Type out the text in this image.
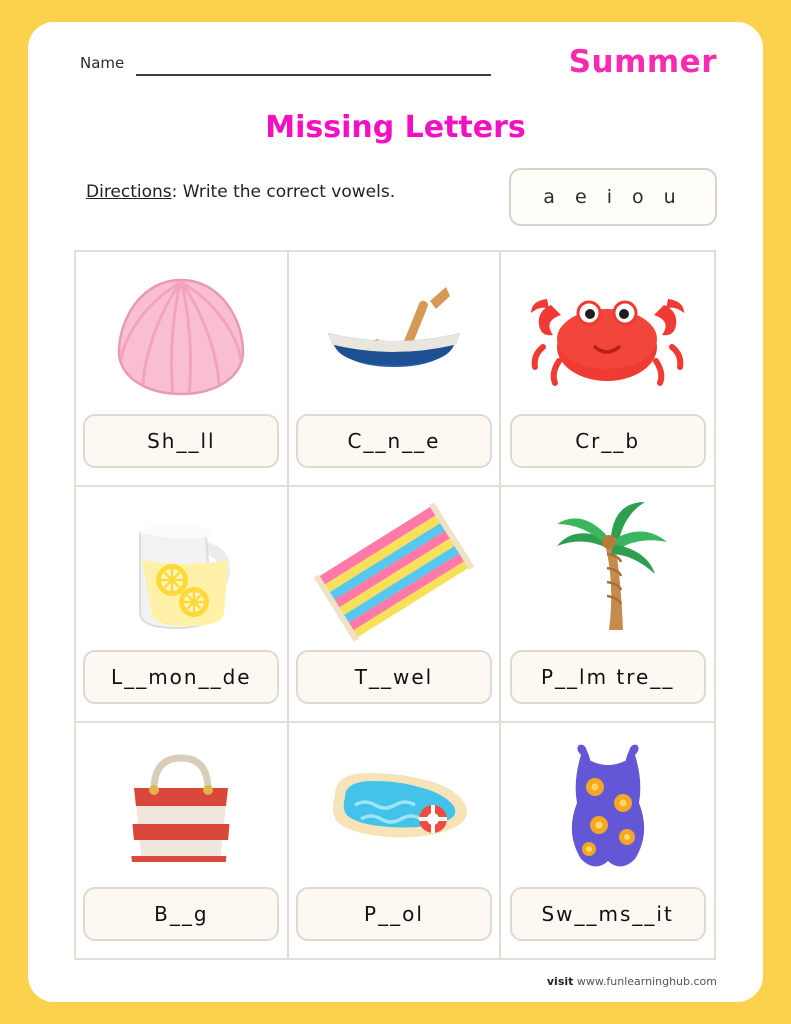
Name	Summer
Missing Letters
Directions: Write the correct vowels.	a e i o u
Sh__ll	C__n__e	Cr__b
L__mon__de	T__wel	P__lm tre__
B__g	P__ol	Sw__ms__it
visit www.funlearninghub.com
